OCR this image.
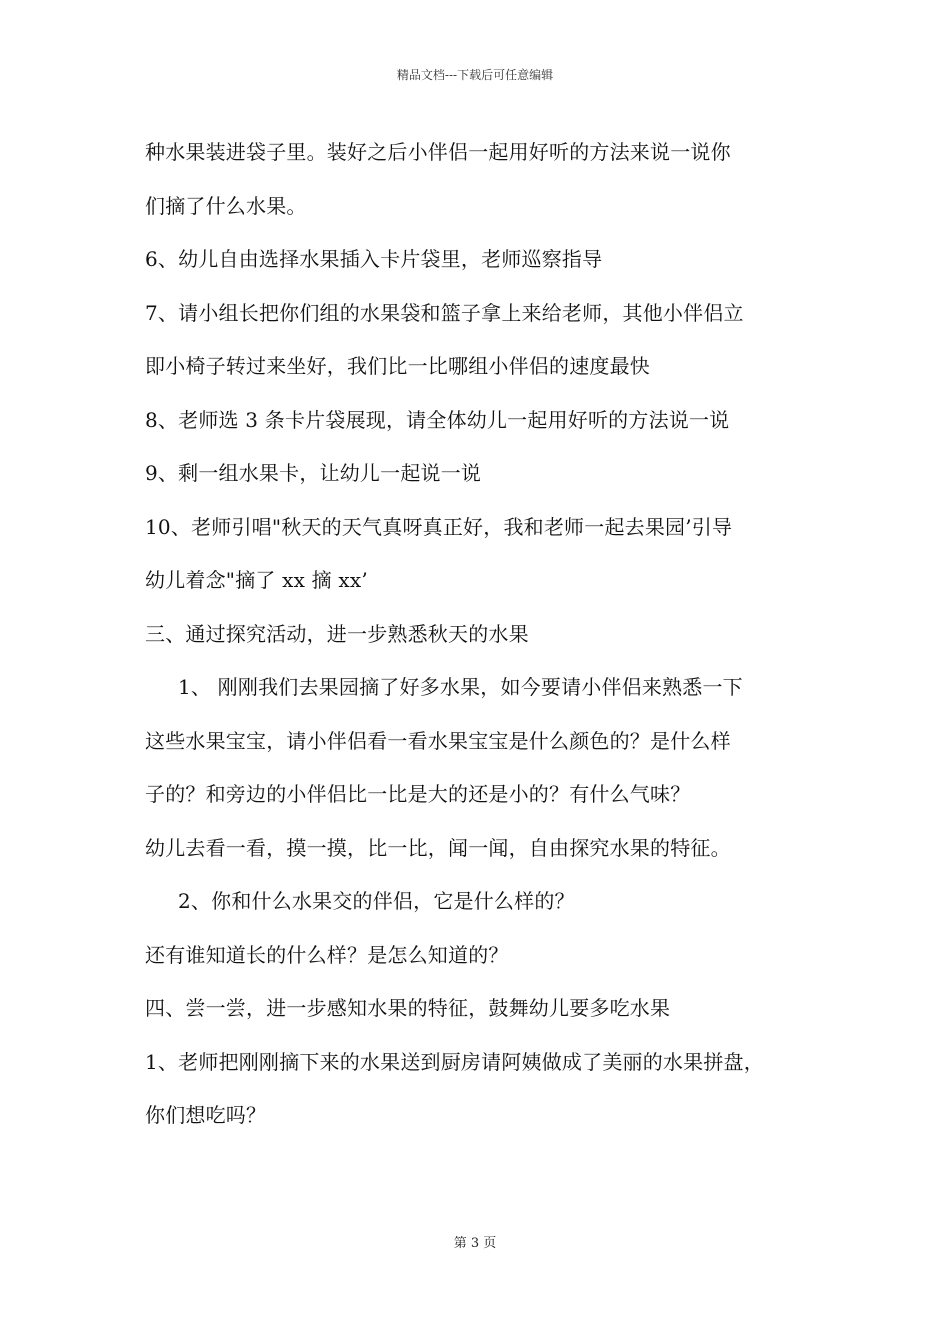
精品文档---下载后可任意编辑
种水果装进袋子里。装好之后小伴侣一起用好听的方法来说一说你
们摘了什么水果。
6、幼儿自由选择水果插入卡片袋里，老师巡察指导
7、请小组长把你们组的水果袋和篮子拿上来给老师，其他小伴侣立
即小椅子转过来坐好，我们比一比哪组小伴侣的速度最快
8、老师选 3 条卡片袋展现，请全体幼儿一起用好听的方法说一说
9、剩一组水果卡，让幼儿一起说一说
10、老师引唱"秋天的天气真呀真正好，我和老师一起去果园’引导
幼儿着念"摘了 xx 摘 xx’
三、通过探究活动，进一步熟悉秋天的水果
1、 刚刚我们去果园摘了好多水果，如今要请小伴侣来熟悉一下
这些水果宝宝，请小伴侣看一看水果宝宝是什么颜色的？是什么样
子的？和旁边的小伴侣比一比是大的还是小的？有什么气味？
幼儿去看一看，摸一摸，比一比，闻一闻，自由探究水果的特征。
2、你和什么水果交的伴侣，它是什么样的？
还有谁知道长的什么样？是怎么知道的？
四、尝一尝，进一步感知水果的特征，鼓舞幼儿要多吃水果
1、老师把刚刚摘下来的水果送到厨房请阿姨做成了美丽的水果拼盘，
你们想吃吗？
第 3 页
